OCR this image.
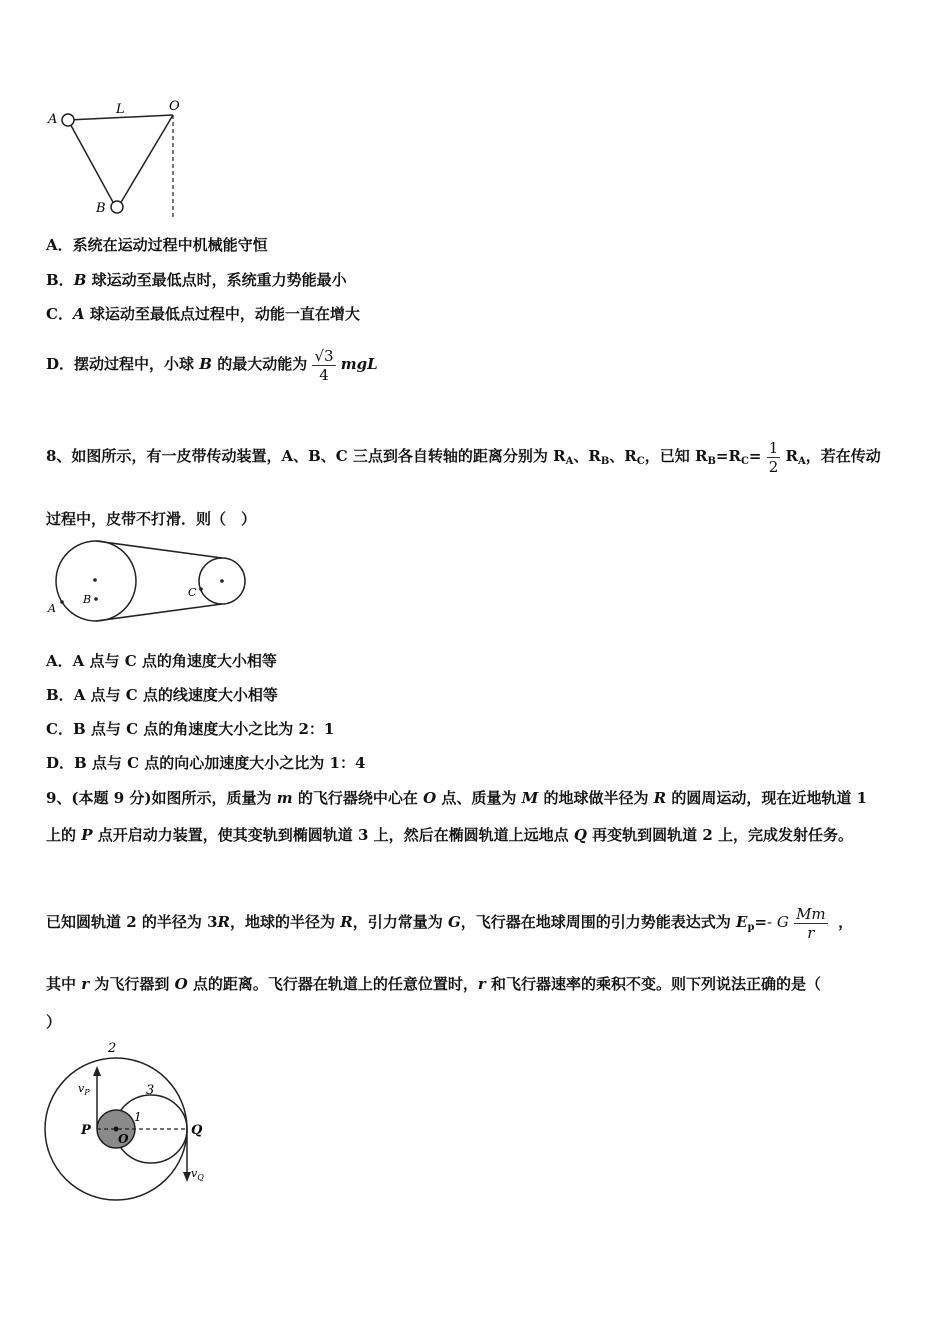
A
L	O
B
A．系统在运动过程中机械能守恒
B．B 球运动至最低点时，系统重力势能最小
C．A 球运动至最低点过程中，动能一直在增大
D．摆动过程中，小球 B 的最大动能为 $\frac{√3}{4}$ mgL
8、如图所示，有一皮带传动装置，A、B、C 三点到各自转轴的距离分别为 $R_A$、$R_B$、$R_C$，已知 $R_B=R_C= \frac{1}{2} R_A$，若在传动
过程中，皮带不打滑．则（　）
A
B
C
A．A 点与 C 点的角速度大小相等
B．A 点与 C 点的线速度大小相等
C．B 点与 C 点的角速度大小之比为 2：1
D．B 点与 C 点的向心加速度大小之比为 1：4
9、(本题 9 分)如图所示，质量为 m 的飞行器绕中心在 O 点、质量为 M 的地球做半径为 R 的圆周运动，现在近地轨道 1
上的 P 点开启动力装置，使其变轨到椭圆轨道 3 上，然后在椭圆轨道上远地点 Q 再变轨到圆轨道 2 上，完成发射任务。
已知圆轨道 2 的半径为 3R，地球的半径为 R，引力常量为 G，飞行器在地球周围的引力势能表达式为 $E_p=-$ G $\frac{Mm}{r}$ ，
其中 r 为飞行器到 O 点的距离。飞行器在轨道上的任意位置时，r 和飞行器速率的乘积不变。则下列说法正确的是（
）
2
3
1
P
O
Q
$v_P$
$v_Q$
